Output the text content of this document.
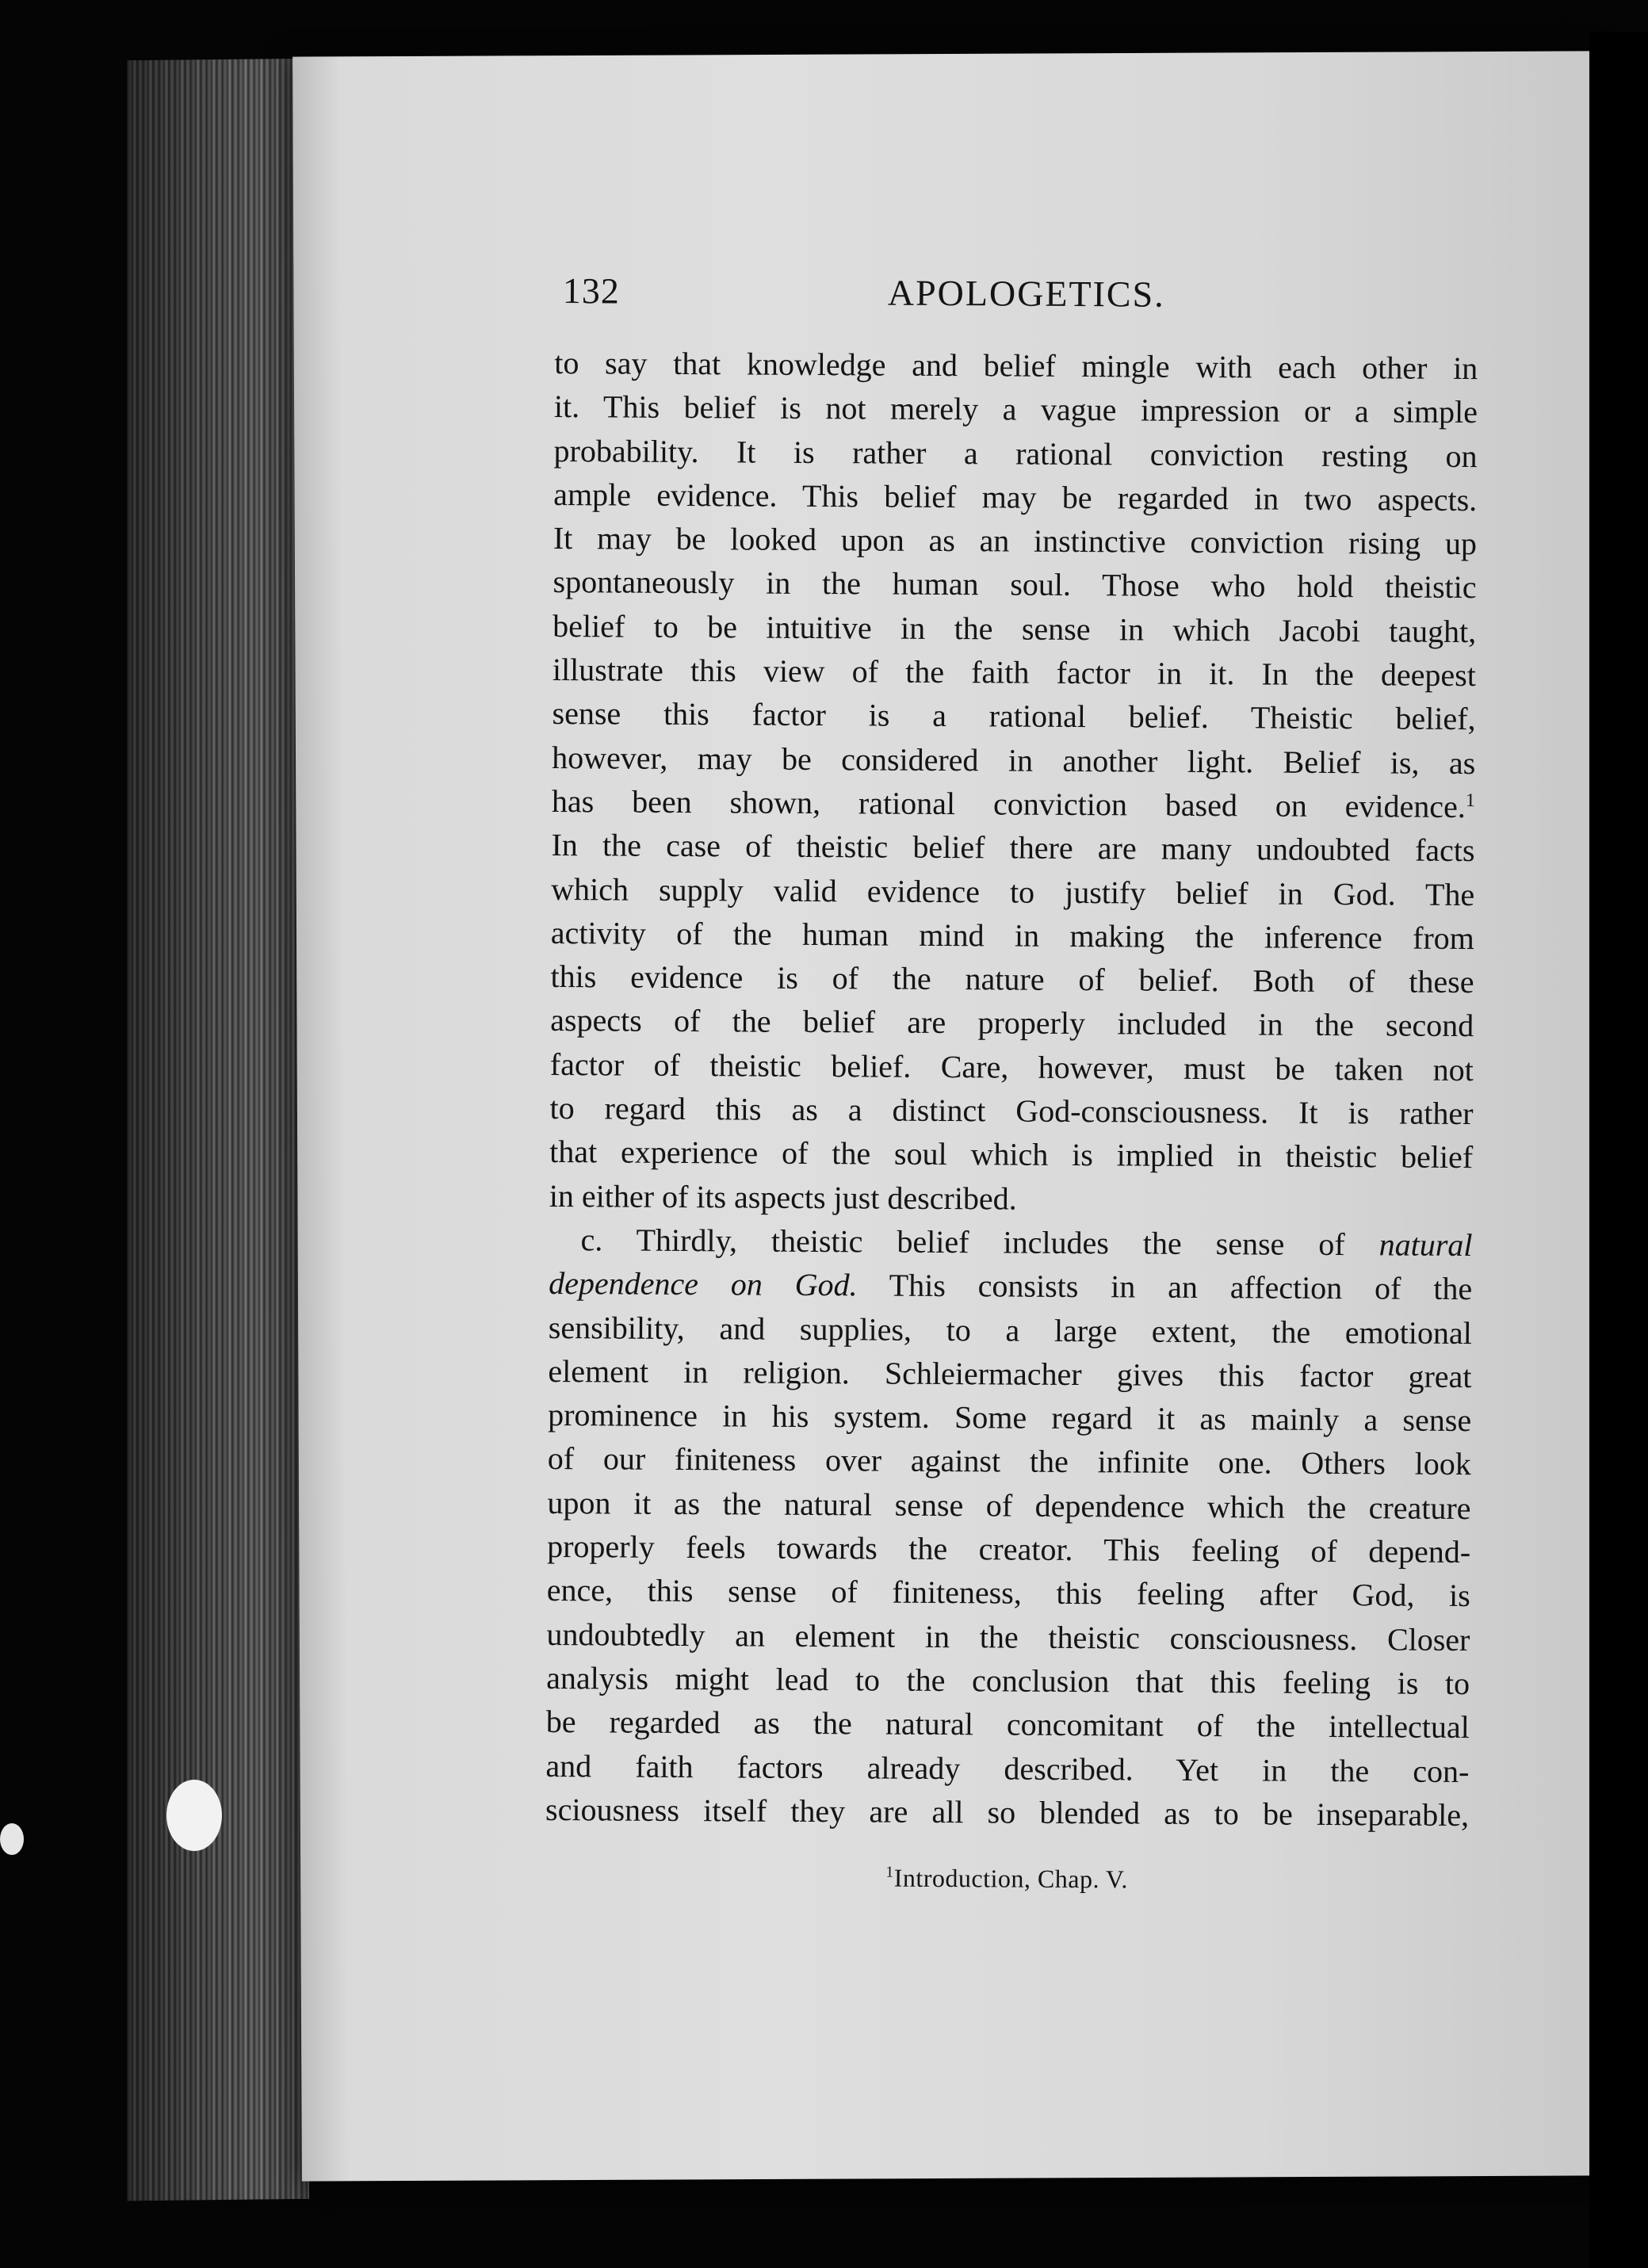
132	APOLOGETICS.
to say that knowledge and belief mingle with each other in
it. This belief is not merely a vague impression or a simple
probability. It is rather a rational conviction resting on
ample evidence. This belief may be regarded in two aspects.
It may be looked upon as an instinctive conviction rising up
spontaneously in the human soul. Those who hold theistic
belief to be intuitive in the sense in which Jacobi taught,
illustrate this view of the faith factor in it. In the deepest
sense this factor is a rational belief. Theistic belief,
however, may be considered in another light. Belief is, as
has been shown, rational conviction based on evidence.$^1$
In the case of theistic belief there are many undoubted facts
which supply valid evidence to justify belief in God. The
activity of the human mind in making the inference from
this evidence is of the nature of belief. Both of these
aspects of the belief are properly included in the second
factor of theistic belief. Care, however, must be taken not
to regard this as a distinct God-consciousness. It is rather
that experience of the soul which is implied in theistic belief
in either of its aspects just described.
c. Thirdly, theistic belief includes the sense of natural
dependence on God. This consists in an affection of the
sensibility, and supplies, to a large extent, the emotional
element in religion. Schleiermacher gives this factor great
prominence in his system. Some regard it as mainly a sense
of our finiteness over against the infinite one. Others look
upon it as the natural sense of dependence which the creature
properly feels towards the creator. This feeling of depend-
ence, this sense of finiteness, this feeling after God, is
undoubtedly an element in the theistic consciousness. Closer
analysis might lead to the conclusion that this feeling is to
be regarded as the natural concomitant of the intellectual
and faith factors already described. Yet in the con-
sciousness itself they are all so blended as to be inseparable,
$^1$Introduction, Chap. V.
